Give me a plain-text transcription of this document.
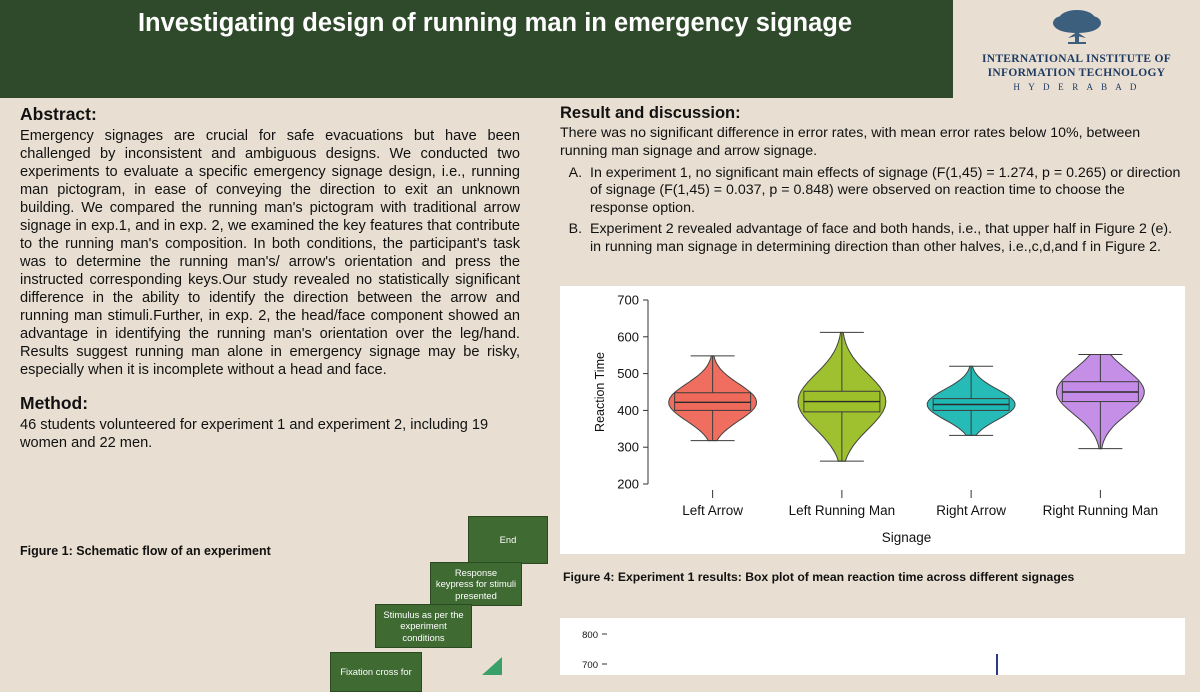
Investigating design of running man in emergency signage
INTERNATIONAL INSTITUTE OF
INFORMATION TECHNOLOGY
H Y D E R A B A D
Abstract:
Emergency signages are crucial for safe evacuations but have been challenged by inconsistent and ambiguous designs. We conducted two experiments to evaluate a specific emergency signage design, i.e., running man pictogram, in ease of conveying the direction to exit an unknown building. We compared the running man's pictogram with traditional arrow signage in exp.1, and in exp. 2, we examined the key features that contribute to the running man's composition. In both conditions, the participant's task was to determine the running man's/ arrow's orientation and press the instructed corresponding keys.Our study revealed no statistically significant difference in the ability to identify the direction between the arrow and running man stimuli.Further, in exp. 2, the head/face component showed an advantage in identifying the running man's orientation over the leg/hand. Results suggest running man alone in emergency signage may be risky, especially when it is incomplete without a head and face.
Method:
46 students volunteered for experiment 1 and experiment 2, including 19 women and 22 men.
Figure 1: Schematic flow of an experiment
End
Response keypress for stimuli presented
Stimulus as per the experiment conditions
Fixation cross for
Result and discussion:
There was no significant difference in error rates, with mean error rates below 10%, between running man signage and arrow signage.
A. In experiment 1, no significant main effects of signage (F(1,45) = 1.274, p = 0.265) or direction of signage (F(1,45) = 0.037, p = 0.848) were observed on reaction time to choose the response option.
B. Experiment 2 revealed advantage of face and both hands, i.e., that upper half in Figure 2 (e). in running man signage in determining direction than other halves, i.e.,c,d,and f in Figure 2.
200
300
400
500
600
700
Reaction Time
Left Arrow	Left Running Man	Right Arrow	Right Running Man
Signage
Figure 4: Experiment 1 results: Box plot of mean reaction time across different signages
700
800
